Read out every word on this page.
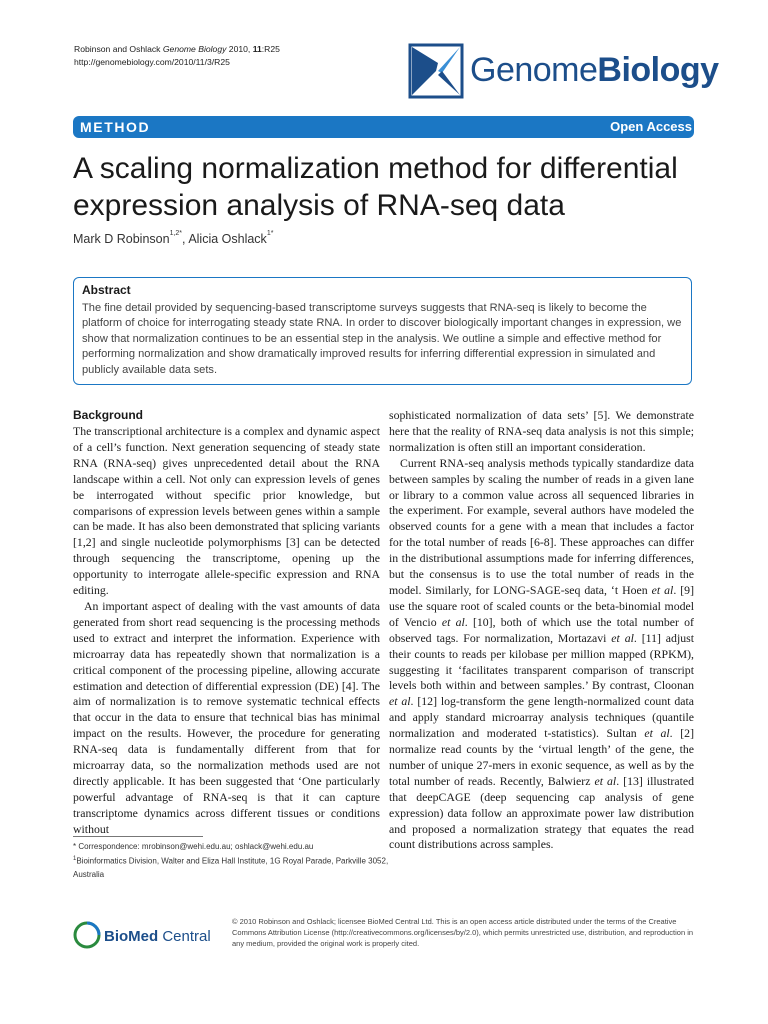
Robinson and Oshlack Genome Biology 2010, 11:R25
http://genomebiology.com/2010/11/3/R25	GenomeBiology
METHOD	Open Access
A scaling normalization method for differential expression analysis of RNA-seq data
Mark D Robinson$^{1,2*}$, Alicia Oshlack$^{1*}$
Abstract
The fine detail provided by sequencing-based transcriptome surveys suggests that RNA-seq is likely to become the platform of choice for interrogating steady state RNA. In order to discover biologically important changes in expression, we show that normalization continues to be an essential step in the analysis. We outline a simple and effective method for performing normalization and show dramatically improved results for inferring differential expression in simulated and publicly available data sets.
Background

The transcriptional architecture is a complex and dynamic aspect of a cell’s function. Next generation sequencing of steady state RNA (RNA-seq) gives unprecedented detail about the RNA landscape within a cell. Not only can expression levels of genes be interrogated without specific prior knowledge, but comparisons of expression levels between genes within a sample can be made. It has also been demonstrated that splicing variants [1,2] and single nucleotide polymorphisms [3] can be detected through sequencing the transcriptome, opening up the opportunity to interrogate allele-specific expression and RNA editing.

An important aspect of dealing with the vast amounts of data generated from short read sequencing is the processing methods used to extract and interpret the information. Experience with microarray data has repeatedly shown that normalization is a critical component of the processing pipeline, allowing accurate estimation and detection of differential expression (DE) [4]. The aim of normalization is to remove systematic technical effects that occur in the data to ensure that technical bias has minimal impact on the results. However, the procedure for generating RNA-seq data is fundamentally different from that for microarray data, so the normalization methods used are not directly applicable. It has been suggested that ‘One particularly powerful advantage of RNA-seq is that it can capture transcriptome dynamics across different tissues or conditions without

sophisticated normalization of data sets’ [5]. We demonstrate here that the reality of RNA-seq data analysis is not this simple; normalization is often still an important consideration.

Current RNA-seq analysis methods typically standardize data between samples by scaling the number of reads in a given lane or library to a common value across all sequenced libraries in the experiment. For example, several authors have modeled the observed counts for a gene with a mean that includes a factor for the total number of reads [6-8]. These approaches can differ in the distributional assumptions made for inferring differences, but the consensus is to use the total number of reads in the model. Similarly, for LONG-SAGE-seq data, ‘t Hoen et al. [9] use the square root of scaled counts or the beta-binomial model of Vencio et al. [10], both of which use the total number of observed tags. For normalization, Mortazavi et al. [11] adjust their counts to reads per kilobase per million mapped (RPKM), suggesting it ‘facilitates transparent comparison of transcript levels both within and between samples.’ By contrast, Cloonan et al. [12] log-transform the gene length-normalized count data and apply standard microarray analysis techniques (quantile normalization and moderated t-statistics). Sultan et al. [2] normalize read counts by the ‘virtual length’ of the gene, the number of unique 27-mers in exonic sequence, as well as by the total number of reads. Recently, Balwierz et al. [13] illustrated that deepCAGE (deep sequencing cap analysis of gene expression) data follow an approximate power law distribution and proposed a normalization strategy that equates the read count distributions across samples.

* Correspondence: mrobinson@wehi.edu.au; oshlack@wehi.edu.au
$^1$Bioinformatics Division, Walter and Eliza Hall Institute, 1G Royal Parade, Parkville 3052, Australia
BioMed Central
© 2010 Robinson and Oshlack; licensee BioMed Central Ltd. This is an open access article distributed under the terms of the Creative Commons Attribution License (http://creativecommons.org/licenses/by/2.0), which permits unrestricted use, distribution, and reproduction in any medium, provided the original work is properly cited.
